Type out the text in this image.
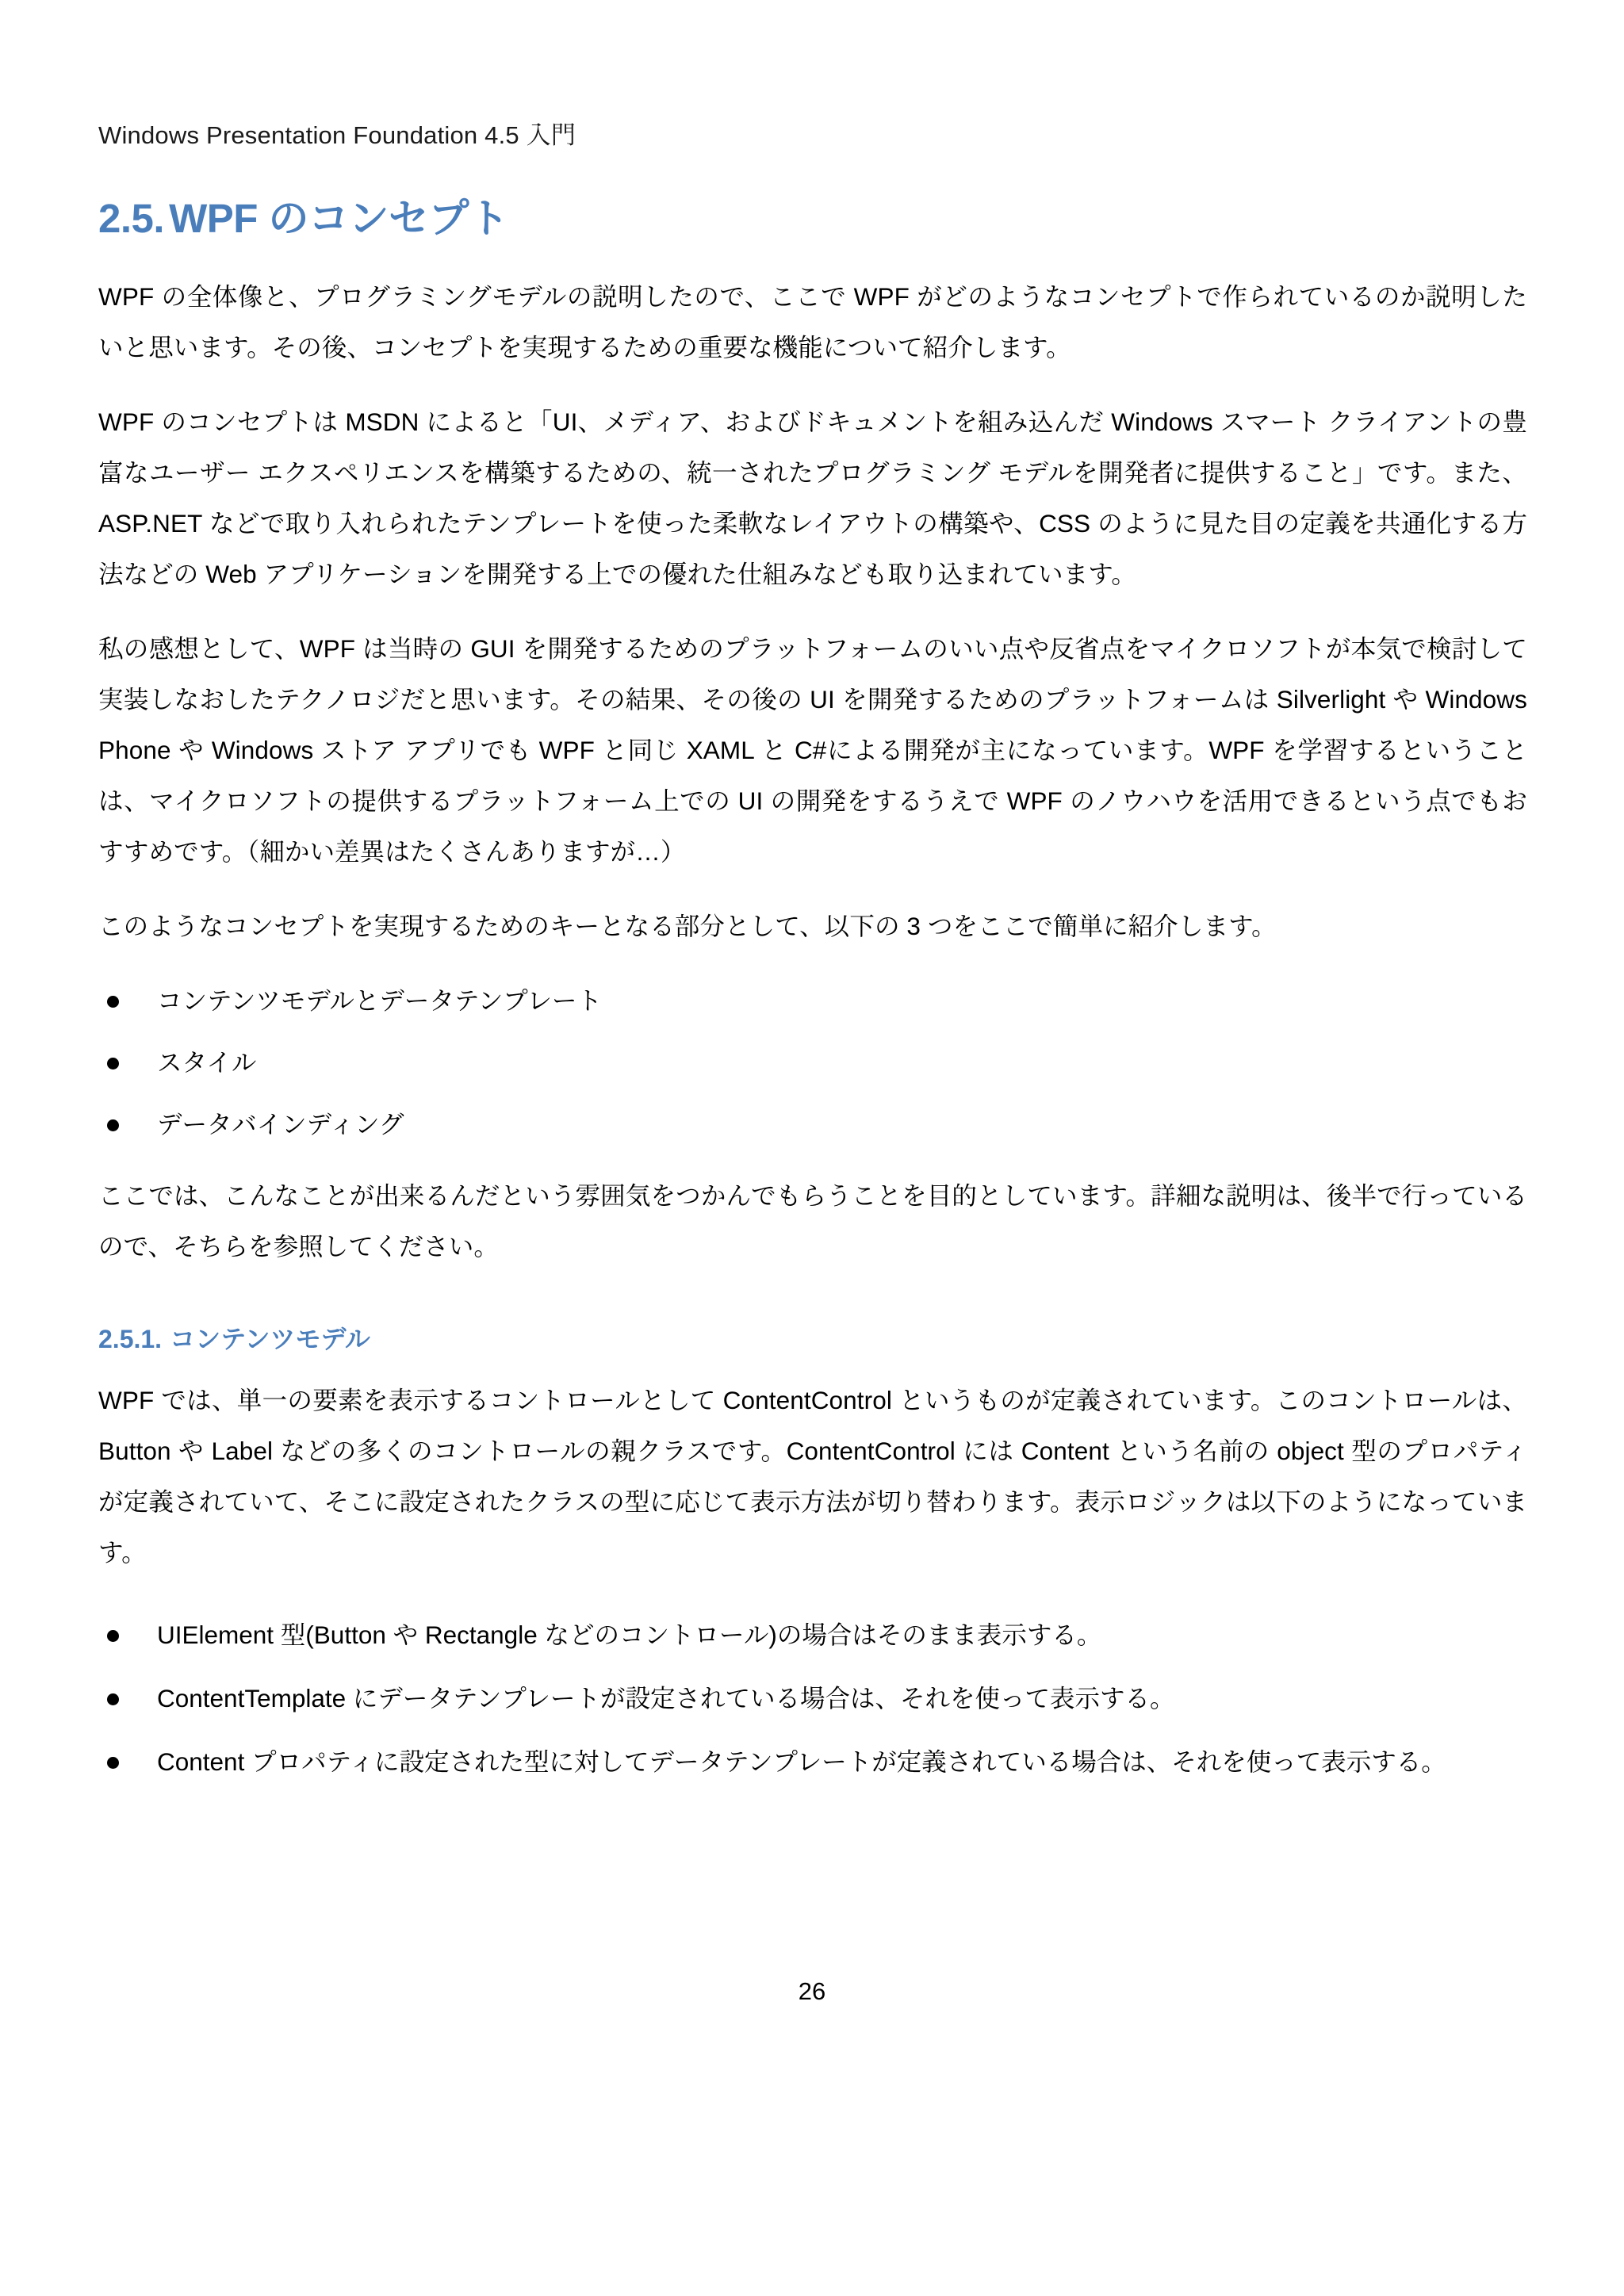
Windows Presentation Foundation 4.5 入門
2.5. WPF のコンセプト

WPF の全体像と、プログラミングモデルの説明したので、ここで WPF がどのようなコンセプトで作られているのか説明したいと思います。その後、コンセプトを実現するための重要な機能について紹介します。

WPF のコンセプトは MSDN によると「UI、メディア、およびドキュメントを組み込んだ Windows スマート クライアントの豊富なユーザー エクスペリエンスを構築するための、統一されたプログラミング モデルを開発者に提供すること」です。また、ASP.NET などで取り入れられたテンプレートを使った柔軟なレイアウトの構築や、CSS のように見た目の定義を共通化する方法などの Web アプリケーションを開発する上での優れた仕組みなども取り込まれています。

私の感想として、WPF は当時の GUI を開発するためのプラットフォームのいい点や反省点をマイクロソフトが本気で検討して実装しなおしたテクノロジだと思います。その結果、その後の UI を開発するためのプラットフォームは Silverlight や Windows Phone や Windows ストア アプリでも WPF と同じ XAML と C#による開発が主になっています。WPF を学習するということは、マイクロソフトの提供するプラットフォーム上での UI の開発をするうえで WPF のノウハウを活用できるという点でもおすすめです。（細かい差異はたくさんありますが…）

このようなコンセプトを実現するためのキーとなる部分として、以下の 3 つをここで簡単に紹介します。

コンテンツモデルとデータテンプレート
スタイル
データバインディング

ここでは、こんなことが出来るんだという雰囲気をつかんでもらうことを目的としています。詳細な説明は、後半で行っているので、そちらを参照してください。

2.5.1. コンテンツモデル

WPF では、単一の要素を表示するコントロールとして ContentControl というものが定義されています。このコントロールは、Button や Label などの多くのコントロールの親クラスです。ContentControl には Content という名前の object 型のプロパティが定義されていて、そこに設定されたクラスの型に応じて表示方法が切り替わります。表示ロジックは以下のようになっています。

UIElement 型(Button や Rectangle などのコントロール)の場合はそのまま表示する。
ContentTemplate にデータテンプレートが設定されている場合は、それを使って表示する。
Content プロパティに設定された型に対してデータテンプレートが定義されている場合は、それを使って表示する。
26
